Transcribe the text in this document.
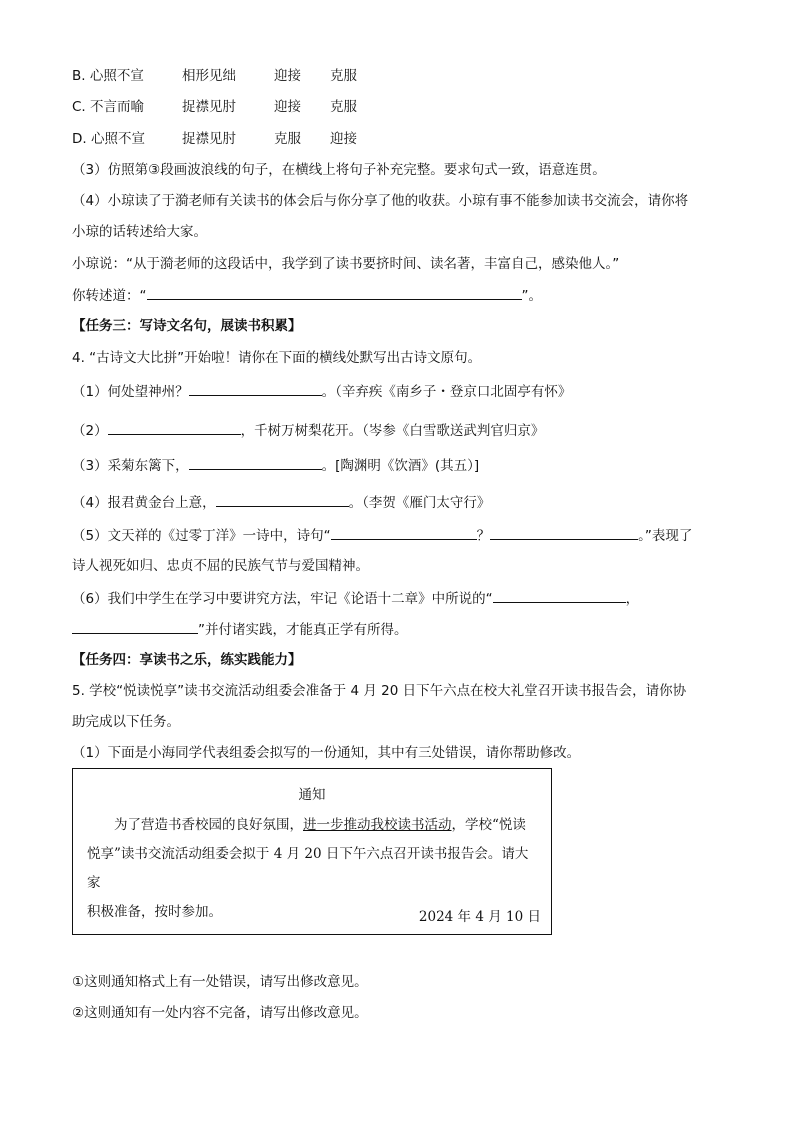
B. 心照不宣	相形见绌	迎接 克服
C. 不言而喻	捉襟见肘	迎接 克服
D. 心照不宣	捉襟见肘	克服 迎接
（3）仿照第③段画波浪线的句子，在横线上将句子补充完整。要求句式一致，语意连贯。
（4）小琼读了于漪老师有关读书的体会后与你分享了他的收获。小琼有事不能参加读书交流会，请你将
小琼的话转述给大家。
小琼说：“从于漪老师的这段话中，我学到了读书要挤时间、读名著，丰富自己，感染他人。”
你转述道：“	”。
【任务三：写诗文名句，展读书积累】
4. “古诗文大比拼”开始啦！请你在下面的横线处默写出古诗文原句。
（1）何处望神州？	。（辛弃疾《南乡子・登京口北固亭有怀》
（2）	，千树万树梨花开。（岑参《白雪歌送武判官归京》
（3）采菊东篱下，	。[陶渊明《饮酒》(其五）]
（4）报君黄金台上意，	。（李贺《雁门太守行》
（5）文天祥的《过零丁洋》一诗中，诗句“	？	。”表现了
诗人视死如归、忠贞不屈的民族气节与爱国精神。
（6）我们中学生在学习中要讲究方法，牢记《论语十二章》中所说的“	，
”并付诸实践，才能真正学有所得。
【任务四：享读书之乐，练实践能力】
5. 学校“悦读悦享”读书交流活动组委会准备于 4 月 20 日下午六点在校大礼堂召开读书报告会，请你协
助完成以下任务。
（1）下面是小海同学代表组委会拟写的一份通知，其中有三处错误，请你帮助修改。
通知
为了营造书香校园的良好氛围，进一步推动我校读书活动，学校“悦读
悦享”读书交流活动组委会拟于 4 月 20 日下午六点召开读书报告会。请大家
积极准备，按时参加。	2024 年 4 月 10 日
①这则通知格式上有一处错误，请写出修改意见。
②这则通知有一处内容不完备，请写出修改意见。
